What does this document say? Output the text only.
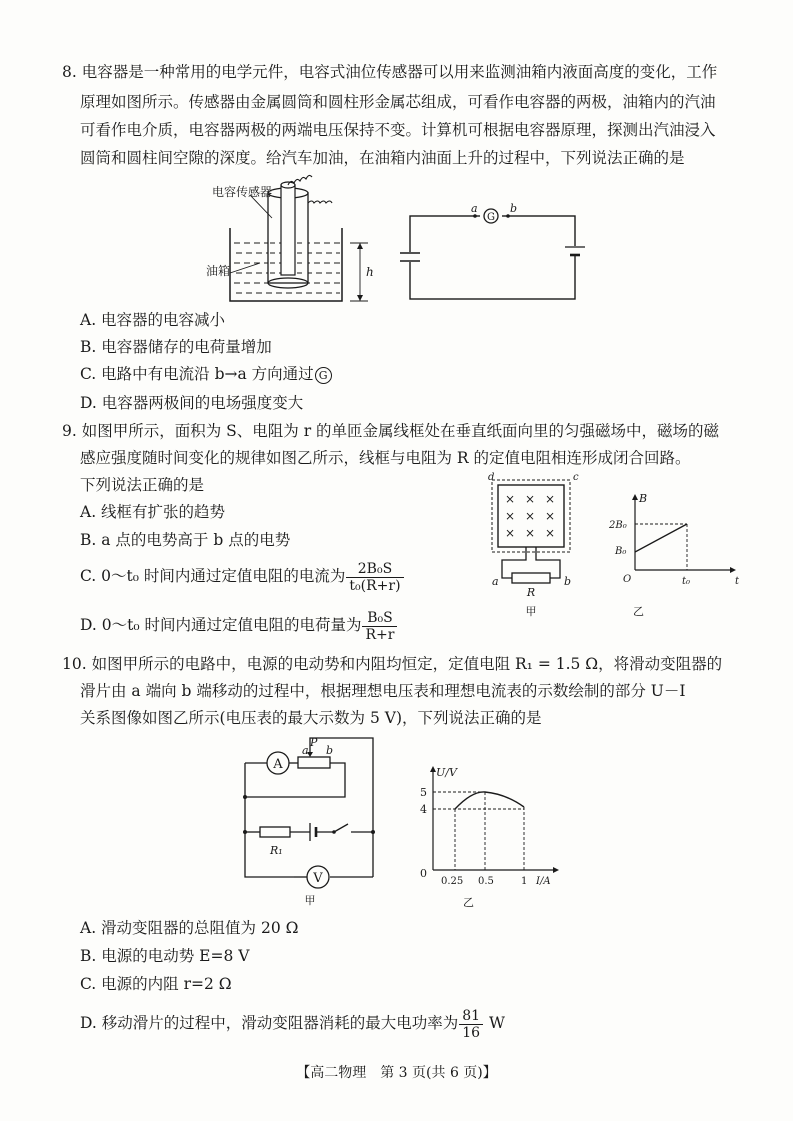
8. 电容器是一种常用的电学元件，电容式油位传感器可以用来监测油箱内液面高度的变化，工作
原理如图所示。传感器由金属圆筒和圆柱形金属芯组成，可看作电容器的两极，油箱内的汽油
可看作电介质，电容器两极的两端电压保持不变。计算机可根据电容器原理，探测出汽油浸入
圆筒和圆柱间空隙的深度。给汽车加油，在油箱内油面上升的过程中，下列说法正确的是
电容传感器
油箱	h
G
a	b
A. 电容器的电容减小
B. 电容器储存的电荷量增加
C. 电路中有电流沿 b→a 方向通过 G
D. 电容器两极间的电场强度变大
9. 如图甲所示，面积为 S、电阻为 r 的单匝金属线框处在垂直纸面向里的匀强磁场中，磁场的磁
感应强度随时间变化的规律如图乙所示，线框与电阻为 R 的定值电阻相连形成闭合回路。
下列说法正确的是
A. 线框有扩张的趋势
B. a 点的电势高于 b 点的电势
C. 0～t₀ 时间内通过定值电阻的电流为 $\frac{\text{2B₀S}}{\text{t₀(R+r)}}$
D. 0～t₀ 时间内通过定值电阻的电荷量为 $\frac{\text{B₀S}}{R+r}$
× × ×
× × ×
× × ×
d	c
a	b
R
甲
B
2B₀
B₀
O	t₀	t
乙
10. 如图甲所示的电路中，电源的电动势和内阻均恒定，定值电阻 R₁ = 1.5 Ω，将滑动变阻器的
滑片由 a 端向 b 端移动的过程中，根据理想电压表和理想电流表的示数绘制的部分 U－I
关系图像如图乙所示(电压表的最大示数为 5 V)，下列说法正确的是
A
V
P
a b
R₁
甲
U/V
5
4
0
0.25 0.5	1 I/A
乙
A. 滑动变阻器的总阻值为 20 Ω
B. 电源的电动势 E=8 V
C. 电源的内阻 r=2 Ω
D. 移动滑片的过程中，滑动变阻器消耗的最大电功率为 $\frac{81}{16}$ W
【高二物理　第 3 页(共 6 页)】
